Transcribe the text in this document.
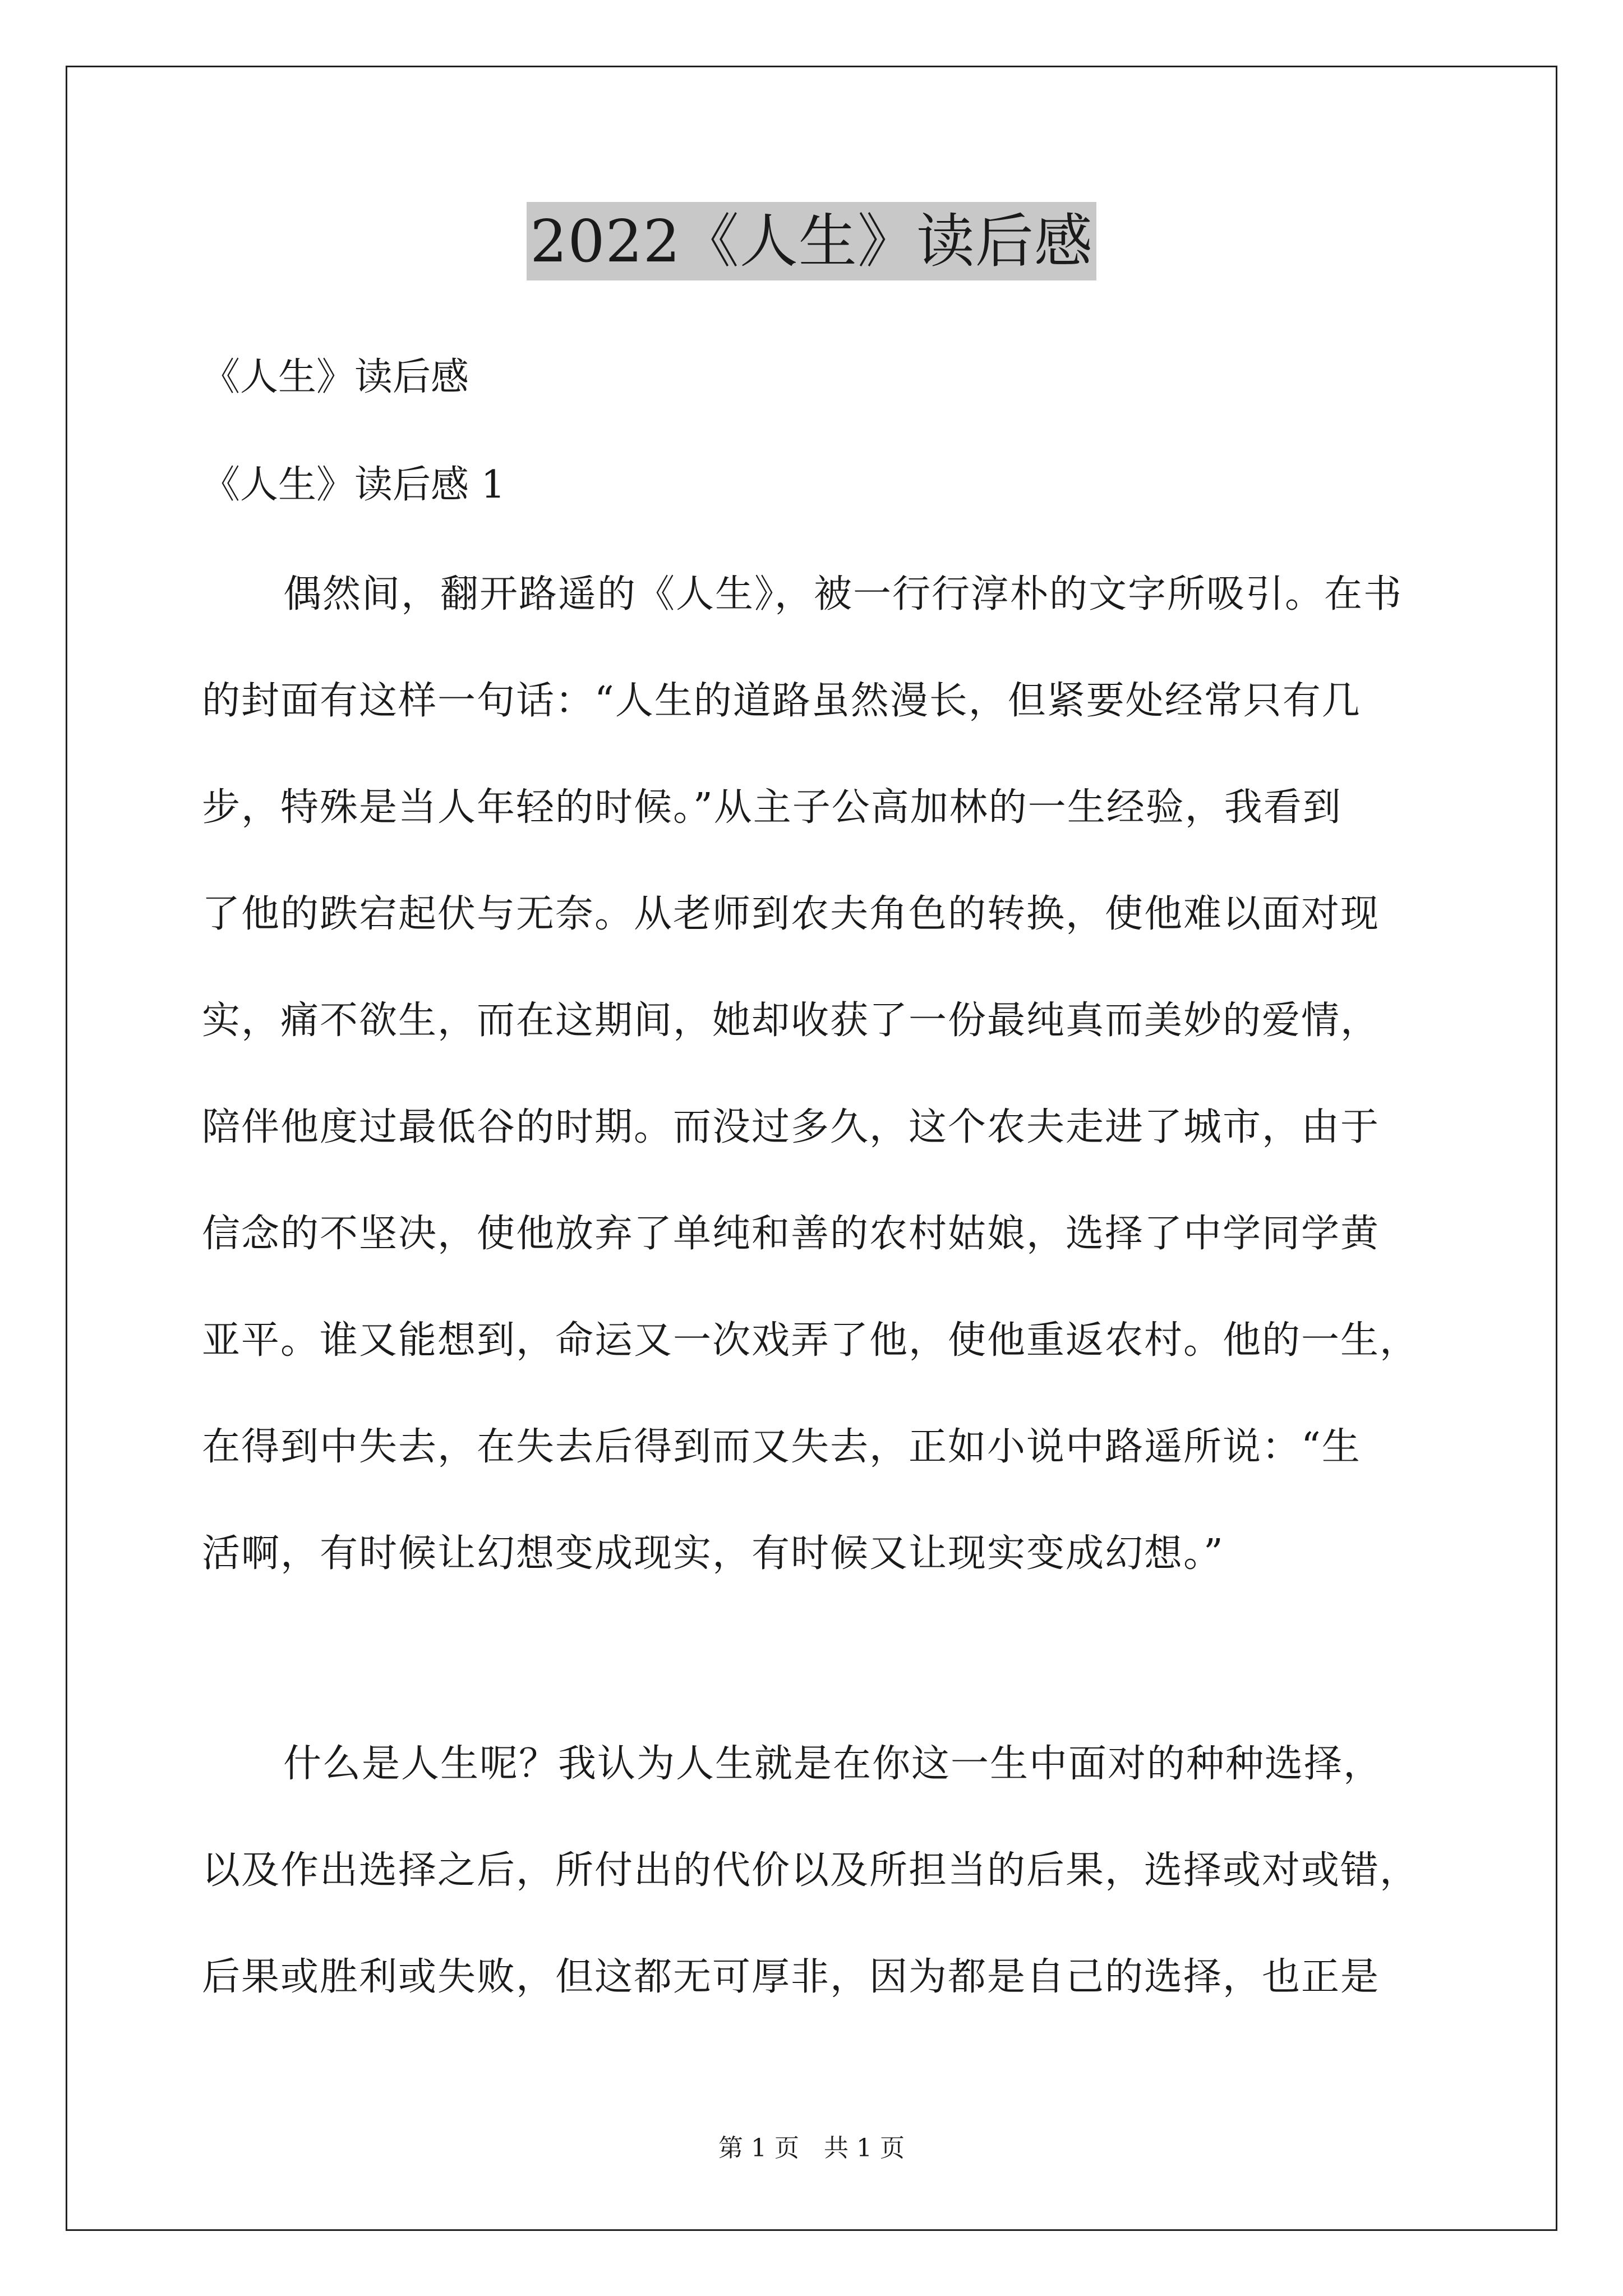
2022《人生》读后感
《人生》读后感
《人生》读后感 1
偶然间，翻开路遥的《人生》，被一行行淳朴的文字所吸引。在书
的封面有这样一句话：“人生的道路虽然漫长，但紧要处经常只有几
步，特殊是当人年轻的时候。”从主子公高加林的一生经验，我看到
了他的跌宕起伏与无奈。从老师到农夫角色的转换，使他难以面对现
实，痛不欲生，而在这期间，她却收获了一份最纯真而美妙的爱情，
陪伴他度过最低谷的时期。而没过多久，这个农夫走进了城市，由于
信念的不坚决，使他放弃了单纯和善的农村姑娘，选择了中学同学黄
亚平。谁又能想到，命运又一次戏弄了他，使他重返农村。他的一生，
在得到中失去，在失去后得到而又失去，正如小说中路遥所说：“生
活啊，有时候让幻想变成现实，有时候又让现实变成幻想。”
什么是人生呢？我认为人生就是在你这一生中面对的种种选择，
以及作出选择之后，所付出的代价以及所担当的后果，选择或对或错，
后果或胜利或失败，但这都无可厚非，因为都是自己的选择，也正是
第 1 页　共 1 页
